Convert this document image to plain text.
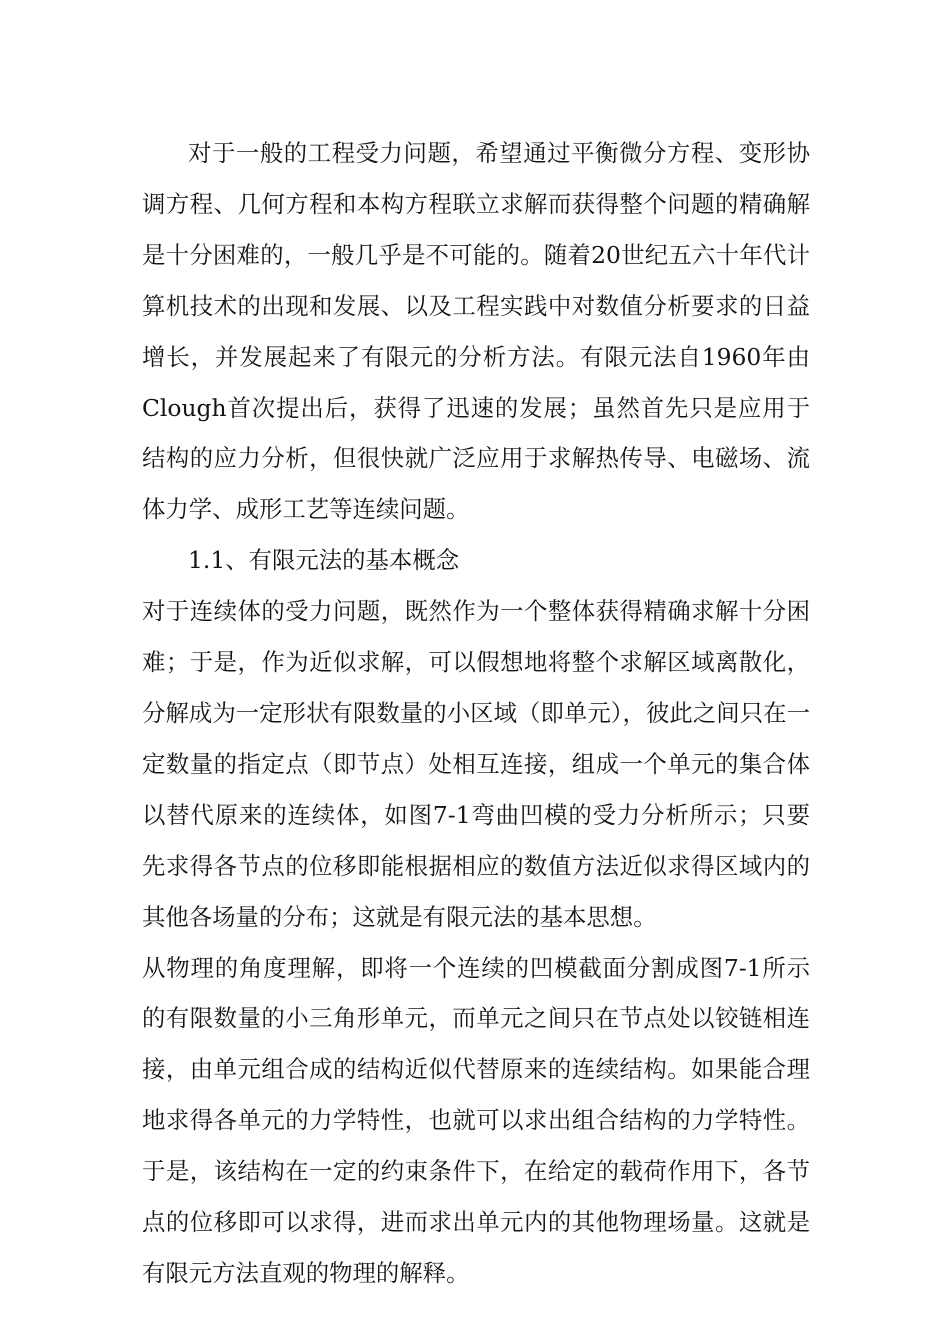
对于一般的工程受力问题，希望通过平衡微分方程、变形协调方程、几何方程和本构方程联立求解而获得整个问题的精确解是十分困难的，一般几乎是不可能的。随着20世纪五六十年代计算机技术的出现和发展、以及工程实践中对数值分析要求的日益增长，并发展起来了有限元的分析方法。有限元法自1960年由Clough首次提出后，获得了迅速的发展；虽然首先只是应用于结构的应力分析，但很快就广泛应用于求解热传导、电磁场、流体力学、成形工艺等连续问题。

1.1、有限元法的基本概念

对于连续体的受力问题，既然作为一个整体获得精确求解十分困难；于是，作为近似求解，可以假想地将整个求解区域离散化，分解成为一定形状有限数量的小区域（即单元），彼此之间只在一定数量的指定点（即节点）处相互连接，组成一个单元的集合体以替代原来的连续体，如图7-1弯曲凹模的受力分析所示；只要先求得各节点的位移即能根据相应的数值方法近似求得区域内的其他各场量的分布；这就是有限元法的基本思想。

从物理的角度理解，即将一个连续的凹模截面分割成图7-1所示的有限数量的小三角形单元，而单元之间只在节点处以铰链相连接，由单元组合成的结构近似代替原来的连续结构。如果能合理地求得各单元的力学特性，也就可以求出组合结构的力学特性。于是，该结构在一定的约束条件下，在给定的载荷作用下，各节点的位移即可以求得，进而求出单元内的其他物理场量。这就是有限元方法直观的物理的解释。
